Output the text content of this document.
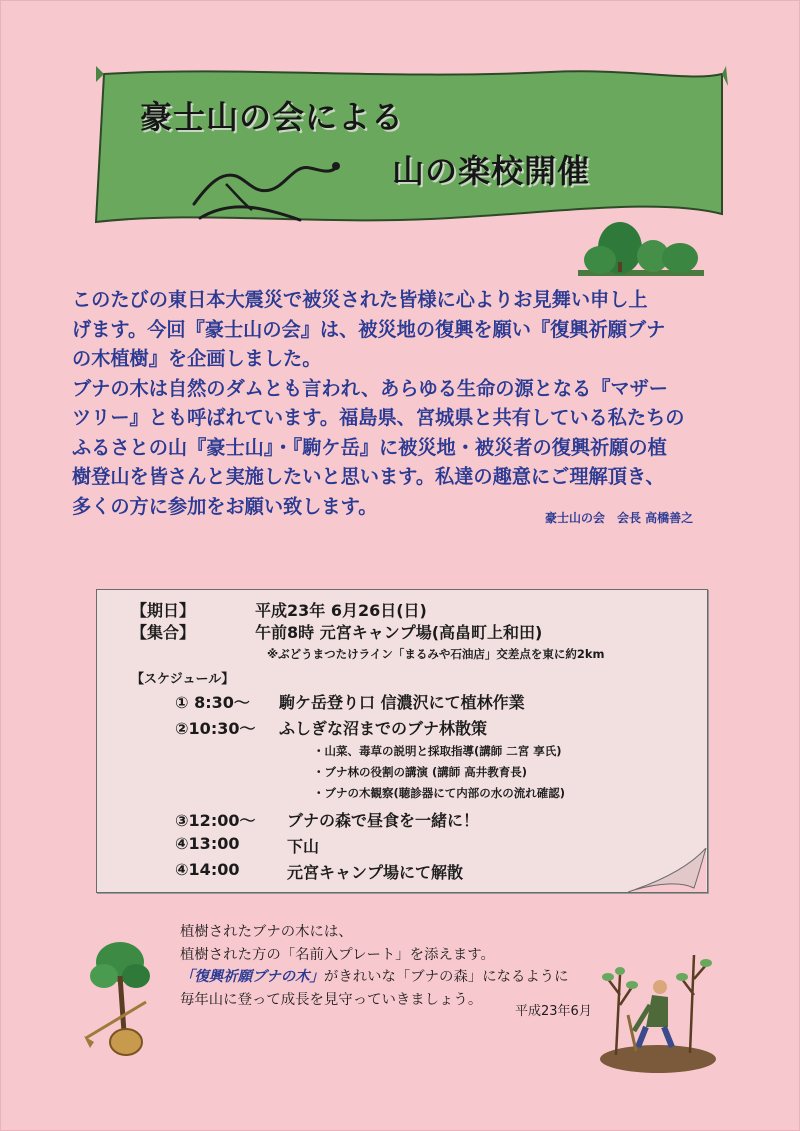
豪士山の会による
山の楽校開催

このたびの東日本大震災で被災された皆様に心よりお見舞い申し上

げます。今回『豪士山の会』は、被災地の復興を願い『復興祈願ブナ

の木植樹』を企画しました。

ブナの木は自然のダムとも言われ、あらゆる生命の源となる『マザー

ツリー』とも呼ばれています。福島県、宮城県と共有している私たちの

ふるさとの山『豪士山』・『駒ケ岳』に被災地・被災者の復興祈願の植

樹登山を皆さんと実施したいと思います。私達の趣意にご理解頂き、

多くの方に参加をお願い致します。

豪士山の会　会長 高橋善之
【期日】	平成23年 6月26日(日)
【集合】	午前8時 元宮キャンプ場(高畠町上和田)
※ぶどうまつたけライン「まるみや石油店」交差点を東に約2km
【スケジュール】
① 8:30～ 駒ケ岳登り口 信濃沢にて植林作業
②10:30～ ふしぎな沼までのブナ林散策
・山菜、毒草の説明と採取指導(講師 二宮 享氏)
・ブナ林の役割の講演 (講師 高井教育長)
・ブナの木観察(聴診器にて内部の水の流れ確認)
③12:00～ ブナの森で昼食を一緒に！
④13:00	下山
④14:00	元宮キャンプ場にて解散

植樹されたブナの木には、

植樹された方の「名前入プレート」を添えます。

「復興祈願ブナの木」がきれいな「ブナの森」になるように

毎年山に登って成長を見守っていきましょう。

平成23年6月
